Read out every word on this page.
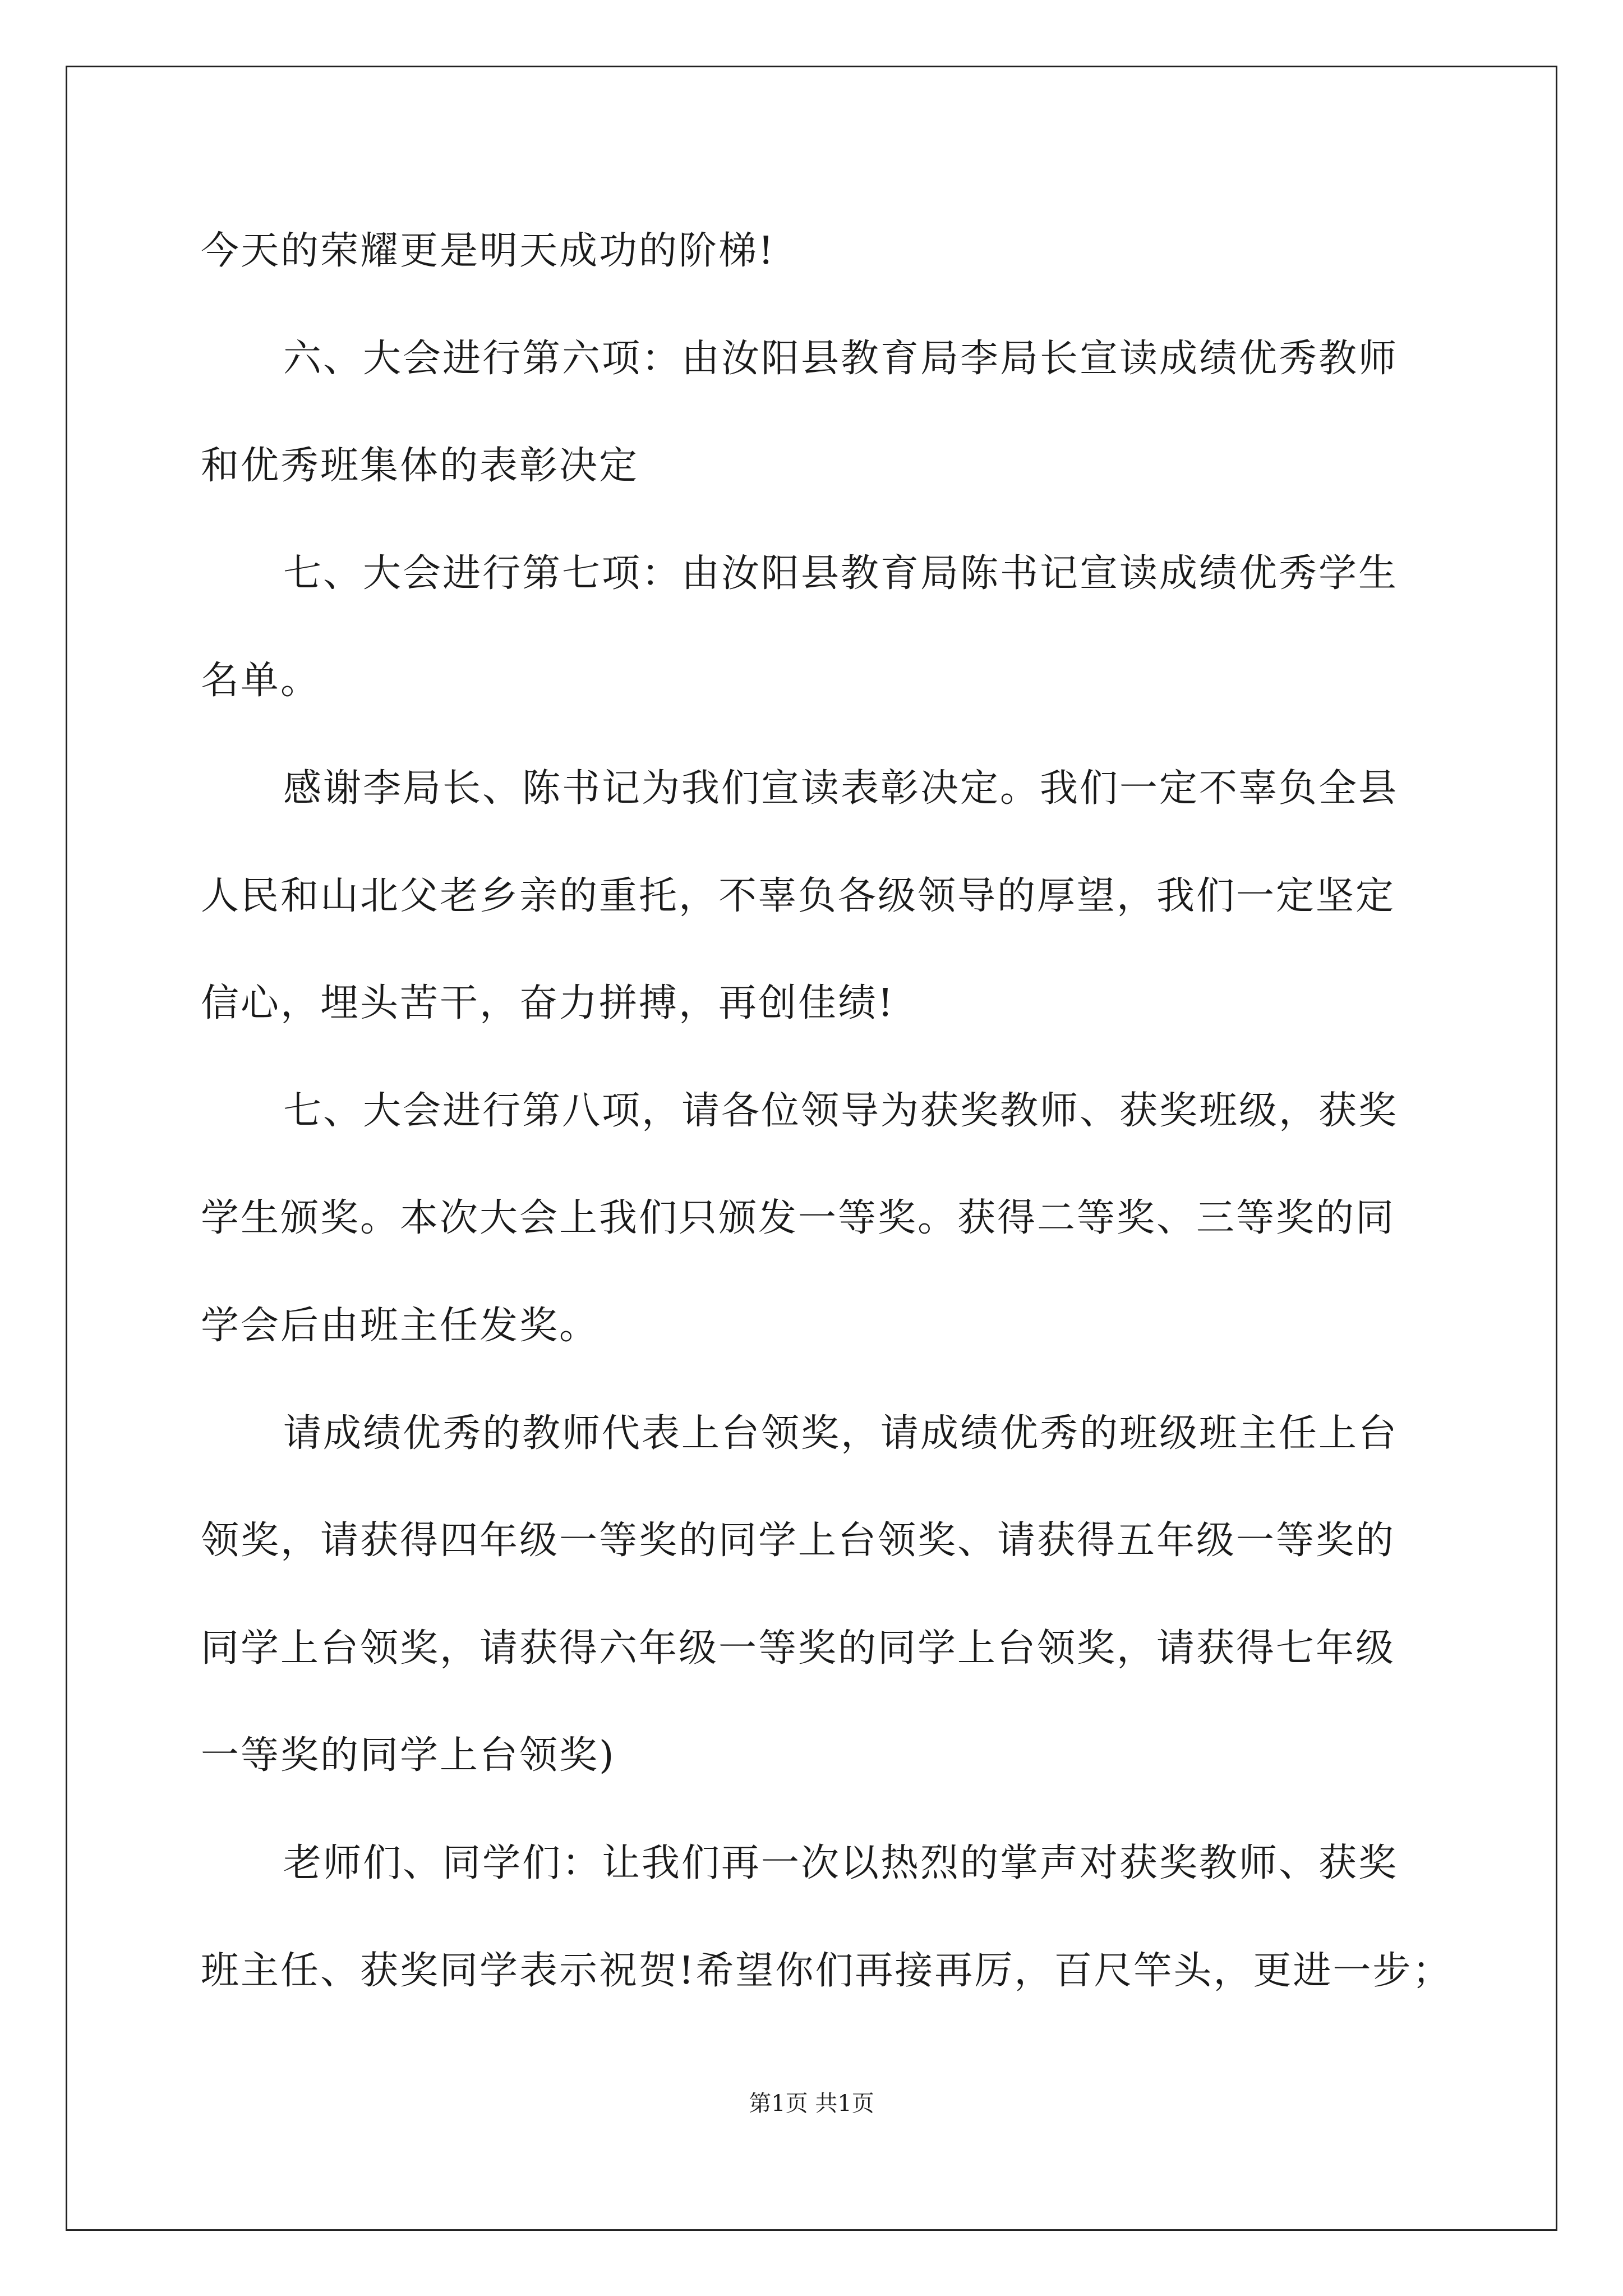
今天的荣耀更是明天成功的阶梯!
六、大会进行第六项：由汝阳县教育局李局长宣读成绩优秀教师
和优秀班集体的表彰决定
七、大会进行第七项：由汝阳县教育局陈书记宣读成绩优秀学生
名单。
感谢李局长、陈书记为我们宣读表彰决定。我们一定不辜负全县
人民和山北父老乡亲的重托，不辜负各级领导的厚望，我们一定坚定
信心，埋头苦干，奋力拼搏，再创佳绩!
七、大会进行第八项，请各位领导为获奖教师、获奖班级，获奖
学生颁奖。本次大会上我们只颁发一等奖。获得二等奖、三等奖的同
学会后由班主任发奖。
请成绩优秀的教师代表上台领奖，请成绩优秀的班级班主任上台
领奖，请获得四年级一等奖的同学上台领奖、请获得五年级一等奖的
同学上台领奖，请获得六年级一等奖的同学上台领奖，请获得七年级
一等奖的同学上台领奖)
老师们、同学们：让我们再一次以热烈的掌声对获奖教师、获奖
班主任、获奖同学表示祝贺!希望你们再接再厉，百尺竿头，更进一步；
第1页 共1页
